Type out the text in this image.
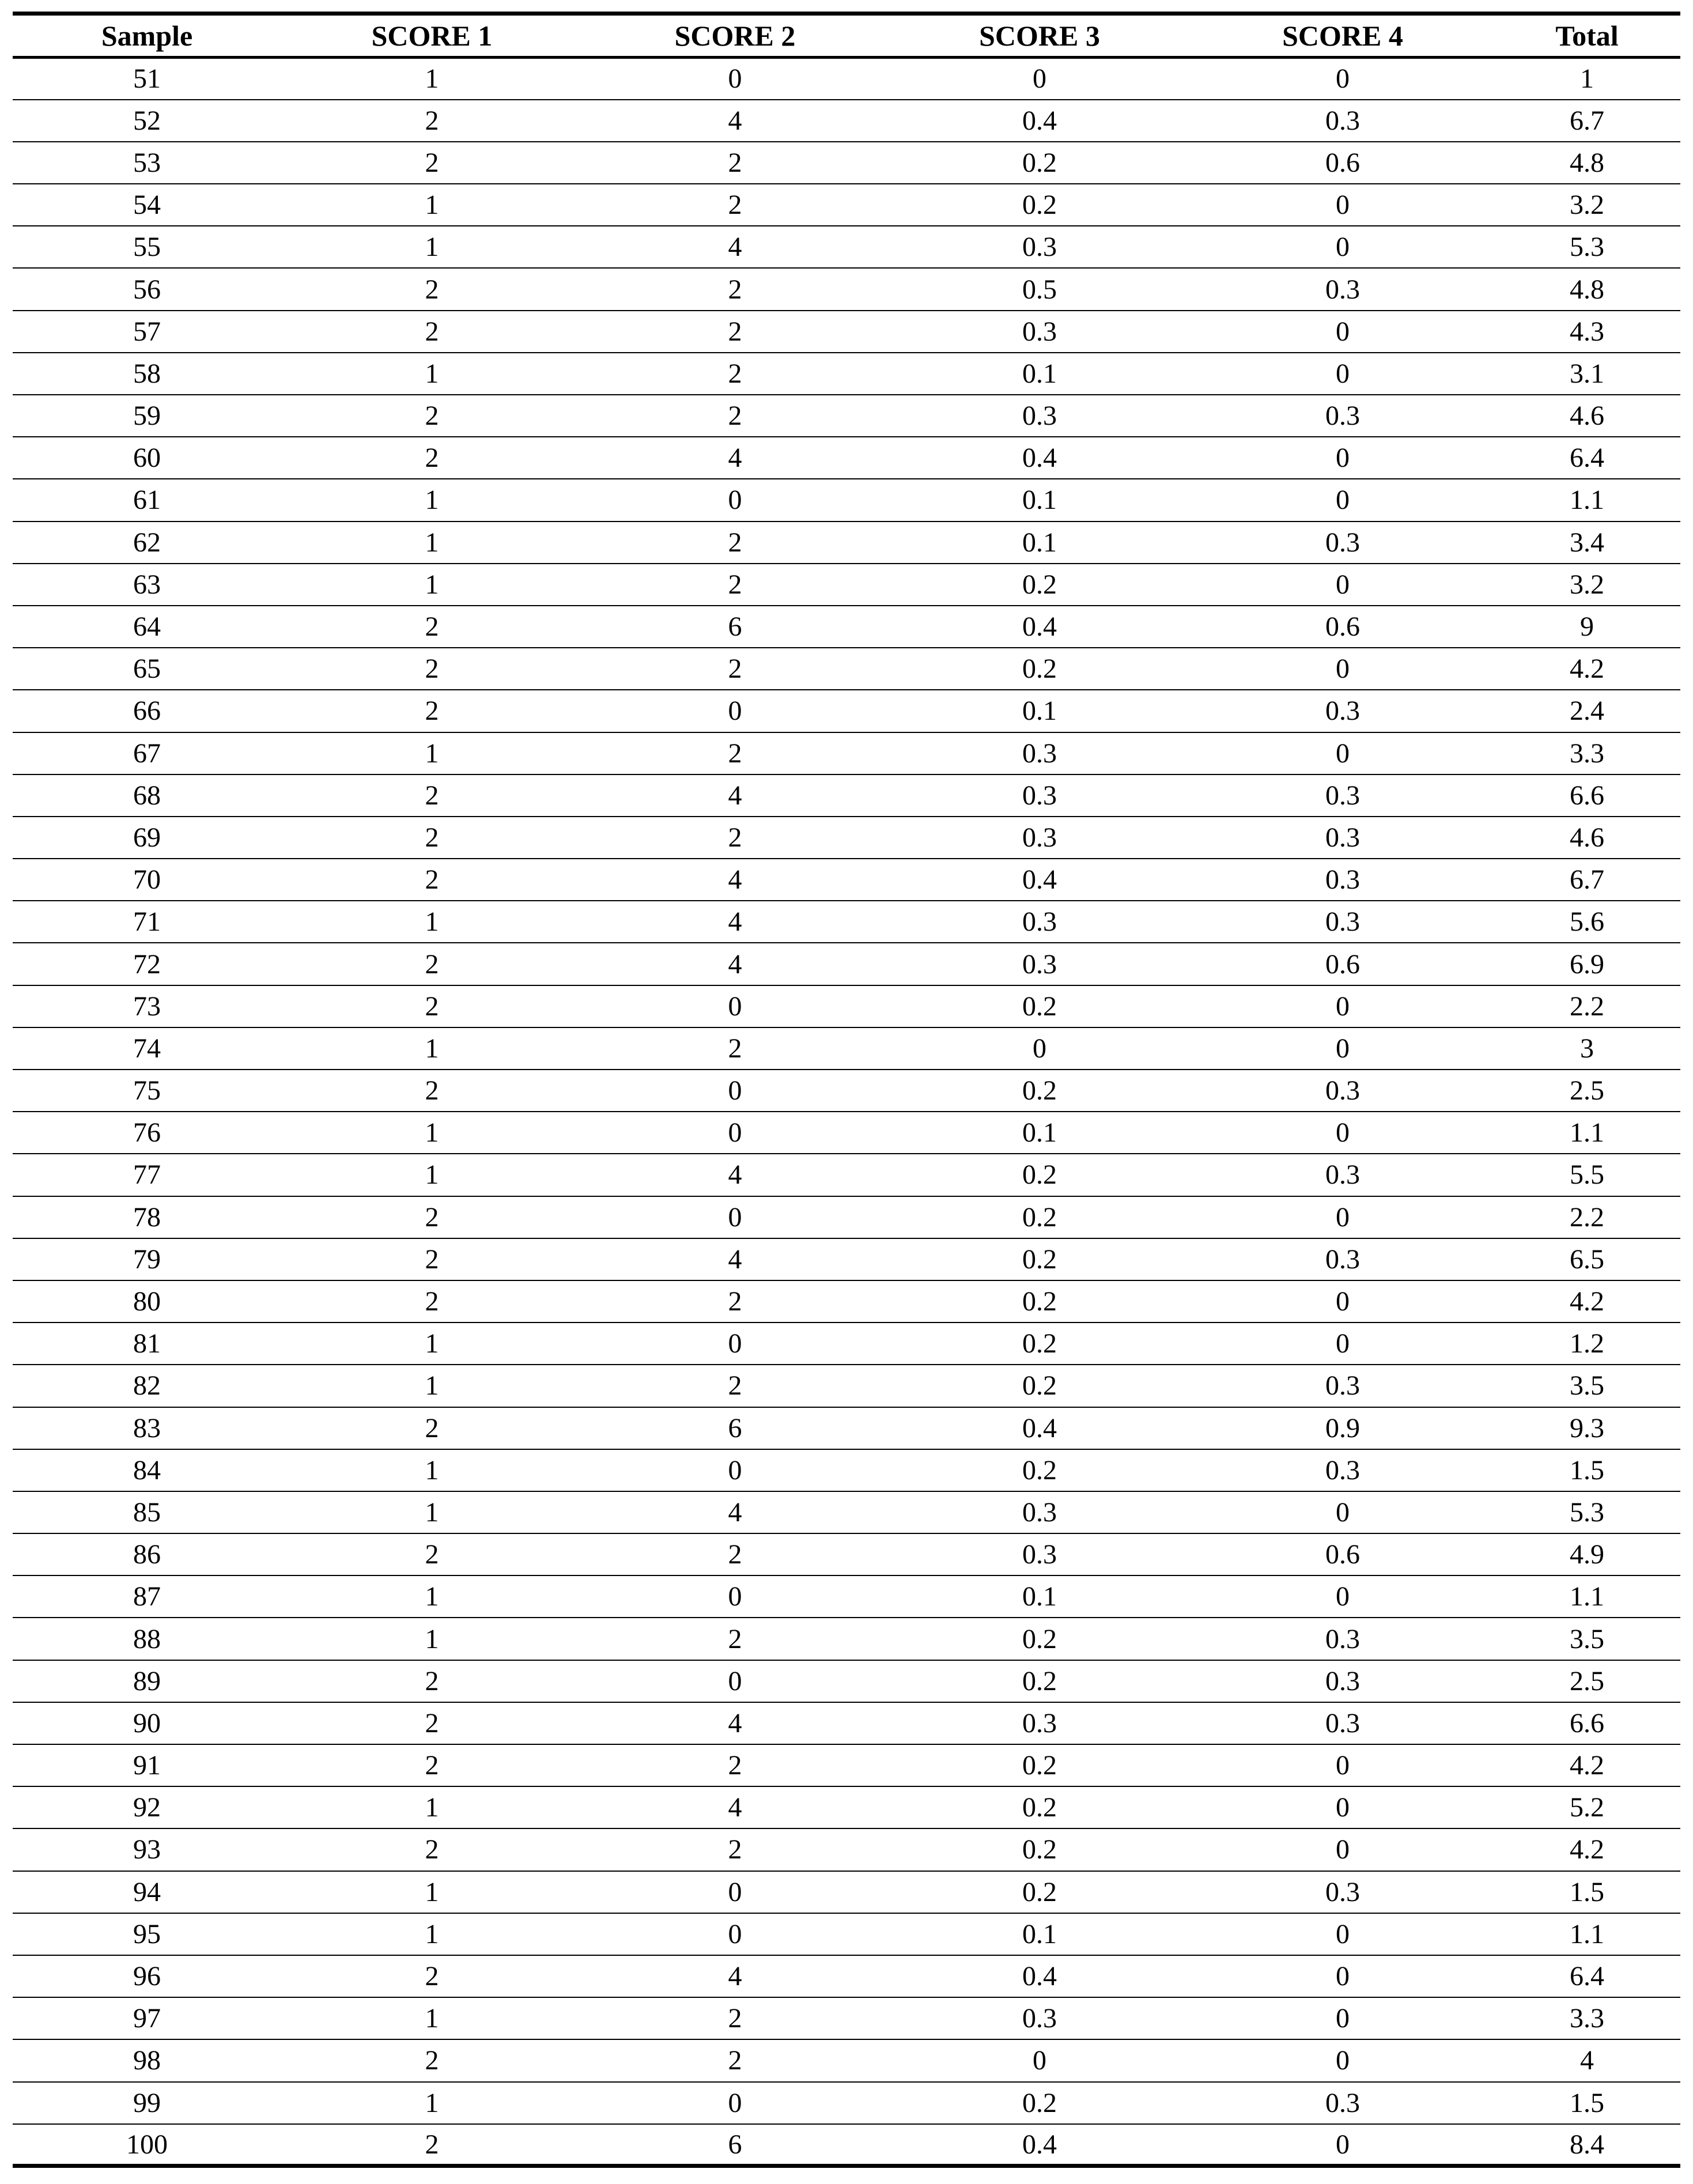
Sample	SCORE 1	SCORE 2	SCORE 3	SCORE 4	Total
51	1	0	0	0	1
52	2	4	0.4	0.3	6.7
53	2	2	0.2	0.6	4.8
54	1	2	0.2	0	3.2
55	1	4	0.3	0	5.3
56	2	2	0.5	0.3	4.8
57	2	2	0.3	0	4.3
58	1	2	0.1	0	3.1
59	2	2	0.3	0.3	4.6
60	2	4	0.4	0	6.4
61	1	0	0.1	0	1.1
62	1	2	0.1	0.3	3.4
63	1	2	0.2	0	3.2
64	2	6	0.4	0.6	9
65	2	2	0.2	0	4.2
66	2	0	0.1	0.3	2.4
67	1	2	0.3	0	3.3
68	2	4	0.3	0.3	6.6
69	2	2	0.3	0.3	4.6
70	2	4	0.4	0.3	6.7
71	1	4	0.3	0.3	5.6
72	2	4	0.3	0.6	6.9
73	2	0	0.2	0	2.2
74	1	2	0	0	3
75	2	0	0.2	0.3	2.5
76	1	0	0.1	0	1.1
77	1	4	0.2	0.3	5.5
78	2	0	0.2	0	2.2
79	2	4	0.2	0.3	6.5
80	2	2	0.2	0	4.2
81	1	0	0.2	0	1.2
82	1	2	0.2	0.3	3.5
83	2	6	0.4	0.9	9.3
84	1	0	0.2	0.3	1.5
85	1	4	0.3	0	5.3
86	2	2	0.3	0.6	4.9
87	1	0	0.1	0	1.1
88	1	2	0.2	0.3	3.5
89	2	0	0.2	0.3	2.5
90	2	4	0.3	0.3	6.6
91	2	2	0.2	0	4.2
92	1	4	0.2	0	5.2
93	2	2	0.2	0	4.2
94	1	0	0.2	0.3	1.5
95	1	0	0.1	0	1.1
96	2	4	0.4	0	6.4
97	1	2	0.3	0	3.3
98	2	2	0	0	4
99	1	0	0.2	0.3	1.5
100	2	6	0.4	0	8.4
